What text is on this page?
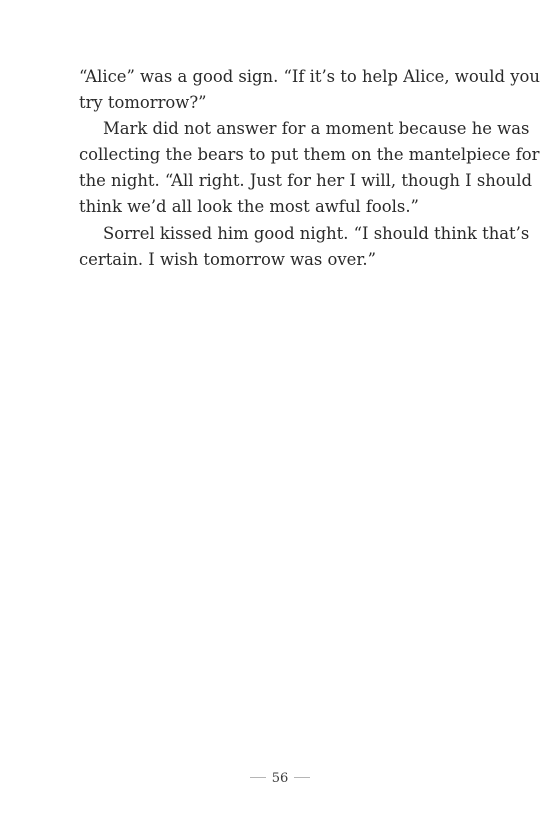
“Alice” was a good sign. “If it’s to help Alice, would you
try tomorrow?”

Mark did not answer for a moment because he was
collecting the bears to put them on the mantelpiece for
the night. “All right. Just for her I will, though I should
think we’d all look the most awful fools.”

Sorrel kissed him good night. “I should think that’s
certain. I wish tomorrow was over.”

56
